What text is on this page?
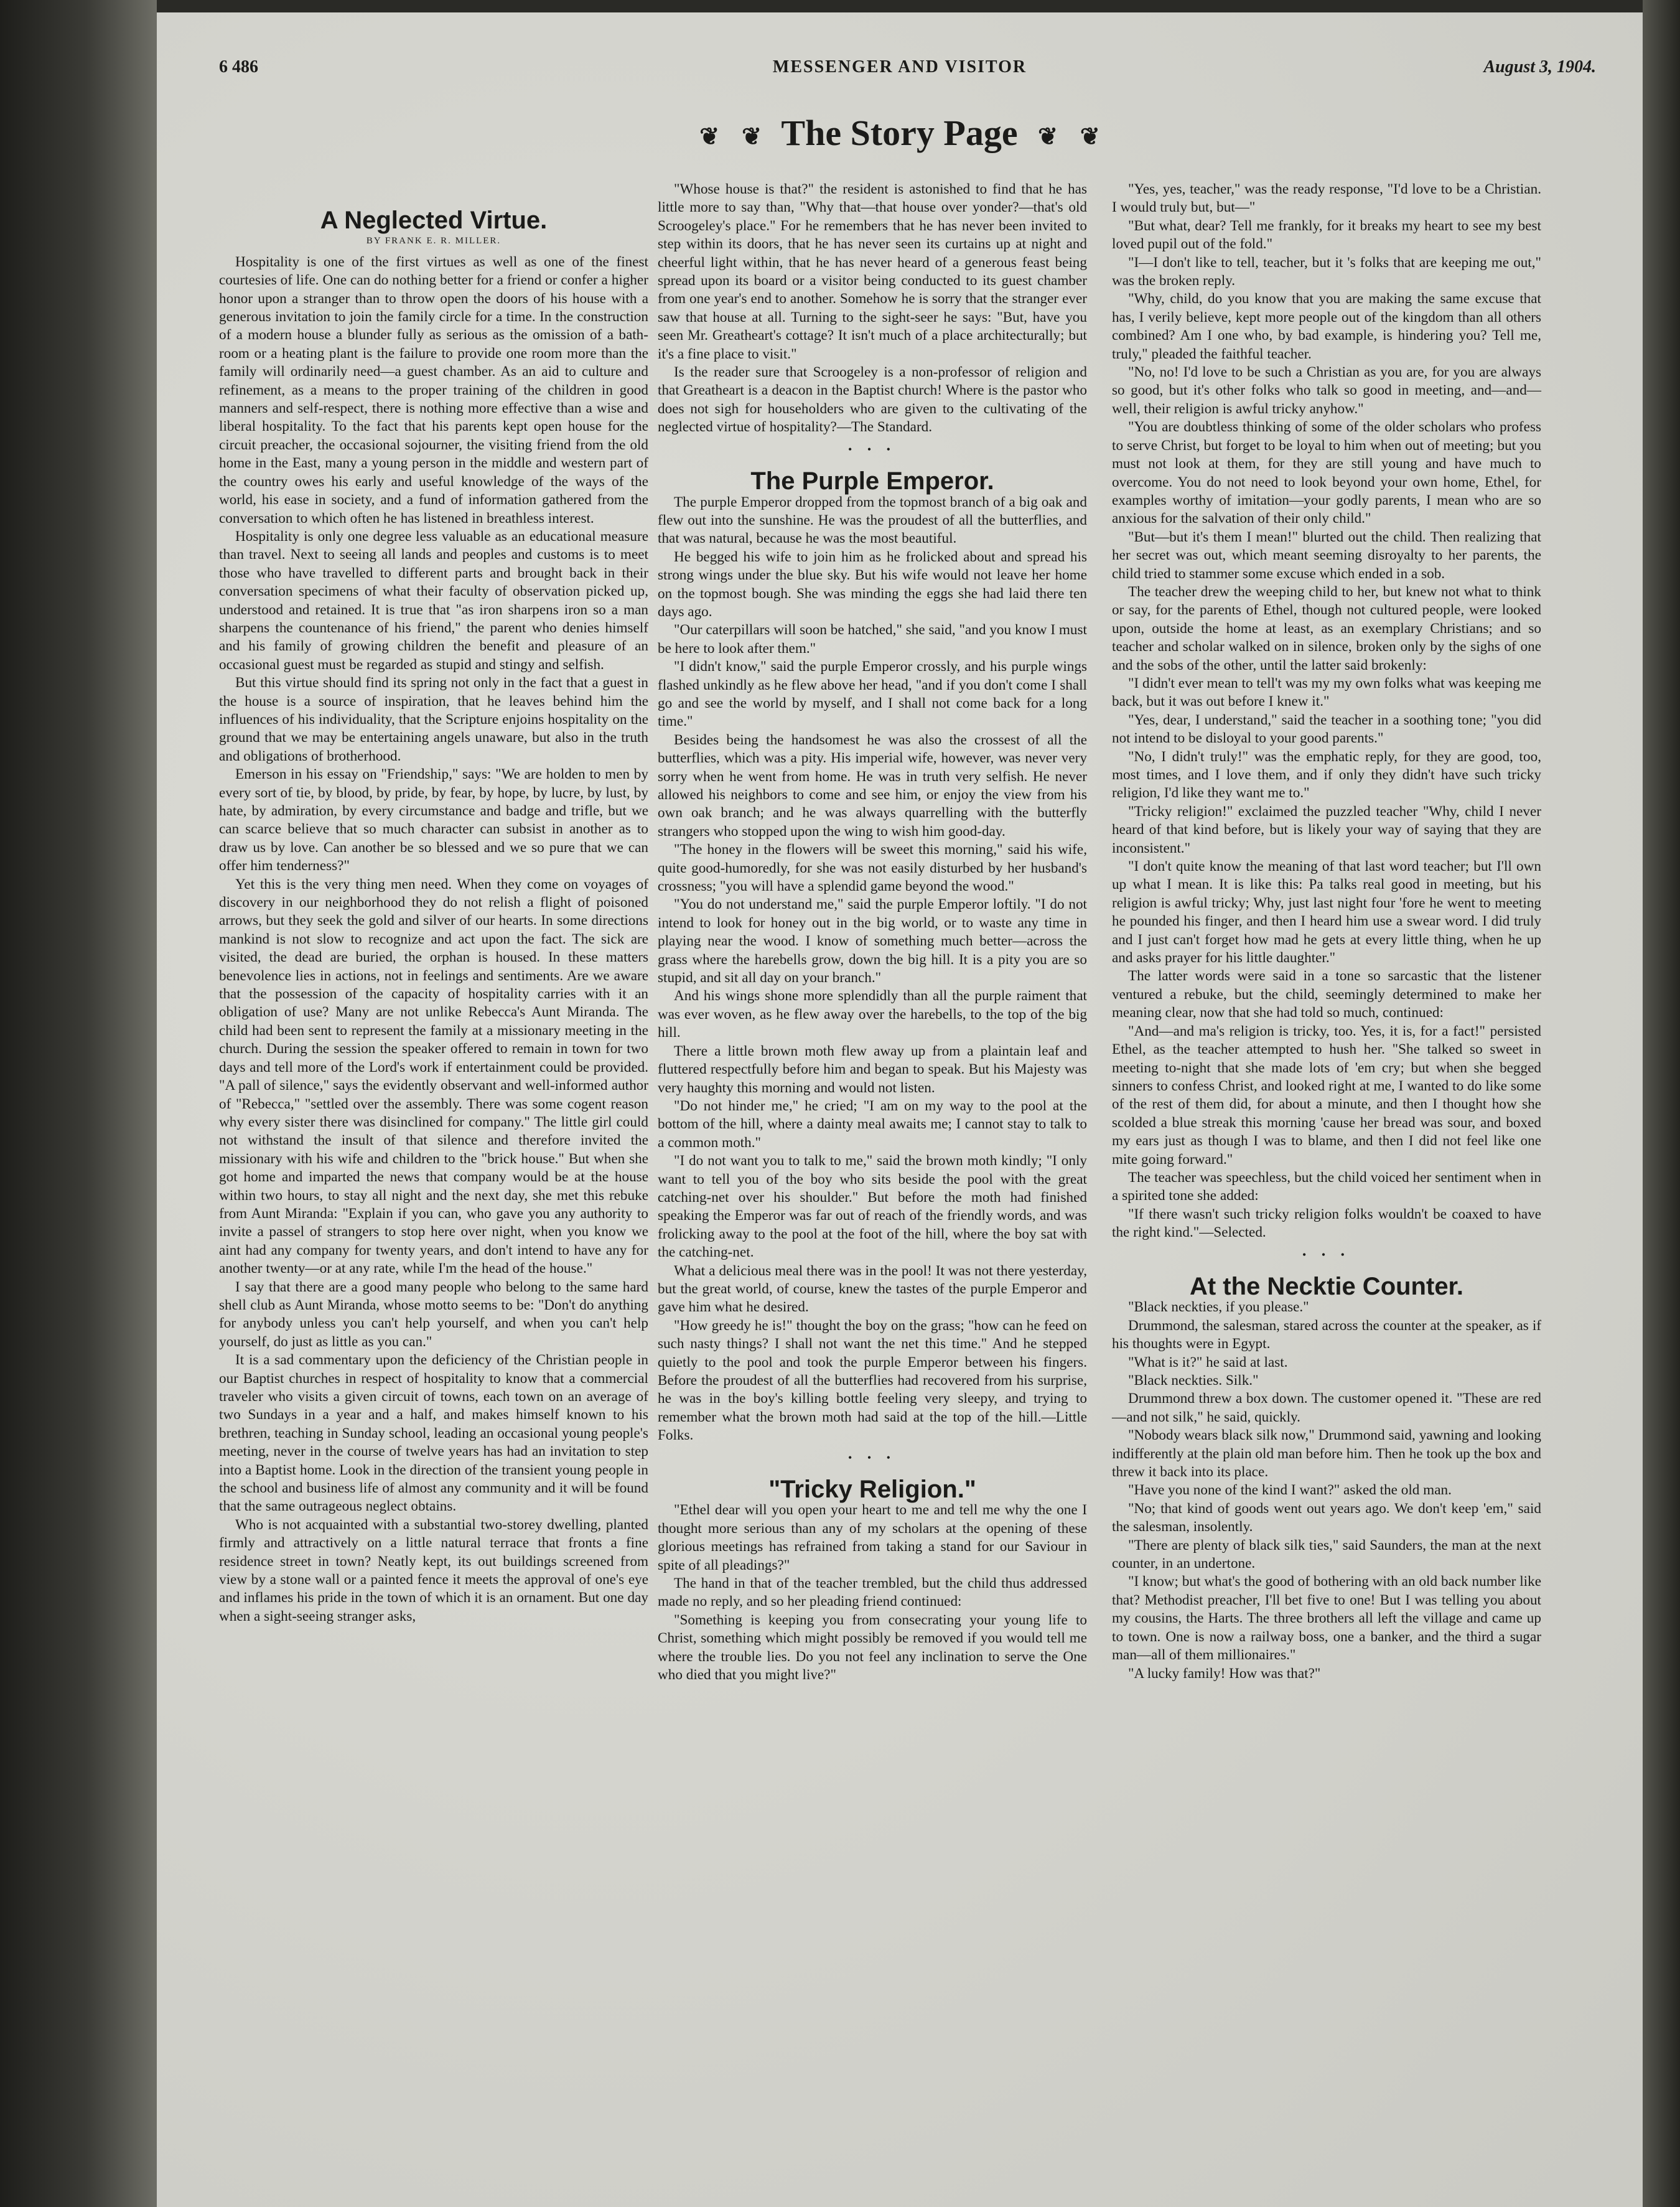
6 486	MESSENGER AND VISITOR	August 3, 1904.
❦ ❦ The Story Page ❦ ❦
A Neglected Virtue.
BY FRANK E. R. MILLER.

Hospitality is one of the first virtues as well as one of the finest courtesies of life. One can do nothing better for a friend or confer a higher honor upon a stranger than to throw open the doors of his house with a generous invitation to join the family circle for a time. In the construction of a modern house a blunder fully as serious as the omission of a bath-room or a heating plant is the failure to provide one room more than the family will ordinarily need—a guest chamber. As an aid to culture and refinement, as a means to the proper training of the children in good manners and self-respect, there is nothing more effective than a wise and liberal hospitality. To the fact that his parents kept open house for the circuit preacher, the occasional sojourner, the visiting friend from the old home in the East, many a young person in the middle and western part of the country owes his early and useful knowledge of the ways of the world, his ease in society, and a fund of information gathered from the conversation to which often he has listened in breathless interest.

Hospitality is only one degree less valuable as an educational measure than travel. Next to seeing all lands and peoples and customs is to meet those who have travelled to different parts and brought back in their conversation specimens of what their faculty of observation picked up, understood and retained. It is true that "as iron sharpens iron so a man sharpens the countenance of his friend," the parent who denies himself and his family of growing children the benefit and pleasure of an occasional guest must be regarded as stupid and stingy and selfish.

But this virtue should find its spring not only in the fact that a guest in the house is a source of inspiration, that he leaves behind him the influences of his individuality, that the Scripture enjoins hospitality on the ground that we may be entertaining angels unaware, but also in the truth and obligations of brotherhood.

Emerson in his essay on "Friendship," says: "We are holden to men by every sort of tie, by blood, by pride, by fear, by hope, by lucre, by lust, by hate, by admiration, by every circumstance and badge and trifle, but we can scarce believe that so much character can subsist in another as to draw us by love. Can another be so blessed and we so pure that we can offer him tenderness?"

Yet this is the very thing men need. When they come on voyages of discovery in our neighborhood they do not relish a flight of poisoned arrows, but they seek the gold and silver of our hearts. In some directions mankind is not slow to recognize and act upon the fact. The sick are visited, the dead are buried, the orphan is housed. In these matters benevolence lies in actions, not in feelings and sentiments. Are we aware that the possession of the capacity of hospitality carries with it an obligation of use? Many are not unlike Rebecca's Aunt Miranda. The child had been sent to represent the family at a missionary meeting in the church. During the session the speaker offered to remain in town for two days and tell more of the Lord's work if entertainment could be provided. "A pall of silence," says the evidently observant and well-informed author of "Rebecca," "settled over the assembly. There was some cogent reason why every sister there was disinclined for company." The little girl could not withstand the insult of that silence and therefore invited the missionary with his wife and children to the "brick house." But when she got home and imparted the news that company would be at the house within two hours, to stay all night and the next day, she met this rebuke from Aunt Miranda: "Explain if you can, who gave you any authority to invite a passel of strangers to stop here over night, when you know we aint had any company for twenty years, and don't intend to have any for another twenty—or at any rate, while I'm the head of the house."

I say that there are a good many people who belong to the same hard shell club as Aunt Miranda, whose motto seems to be: "Don't do anything for anybody unless you can't help yourself, and when you can't help yourself, do just as little as you can."

It is a sad commentary upon the deficiency of the Christian people in our Baptist churches in respect of hospitality to know that a commercial traveler who visits a given circuit of towns, each town on an average of two Sundays in a year and a half, and makes himself known to his brethren, teaching in Sunday school, leading an occasional young people's meeting, never in the course of twelve years has had an invitation to step into a Baptist home. Look in the direction of the transient young people in the school and business life of almost any community and it will be found that the same outrageous neglect obtains.

Who is not acquainted with a substantial two-storey dwelling, planted firmly and attractively on a little natural terrace that fronts a fine residence street in town? Neatly kept, its out buildings screened from view by a stone wall or a painted fence it meets the approval of one's eye and inflames his pride in the town of which it is an ornament. But one day when a sight-seeing stranger asks,

"Whose house is that?" the resident is astonished to find that he has little more to say than, "Why that—that house over yonder?—that's old Scroogeley's place." For he remembers that he has never been invited to step within its doors, that he has never seen its curtains up at night and cheerful light within, that he has never heard of a generous feast being spread upon its board or a visitor being conducted to its guest chamber from one year's end to another. Somehow he is sorry that the stranger ever saw that house at all. Turning to the sight-seer he says: "But, have you seen Mr. Greatheart's cottage? It isn't much of a place architecturally; but it's a fine place to visit."

Is the reader sure that Scroogeley is a non-professor of religion and that Greatheart is a deacon in the Baptist church! Where is the pastor who does not sigh for householders who are given to the cultivating of the neglected virtue of hospitality?—The Standard.

• • •
The Purple Emperor.

The purple Emperor dropped from the topmost branch of a big oak and flew out into the sunshine. He was the proudest of all the butterflies, and that was natural, because he was the most beautiful.

He begged his wife to join him as he frolicked about and spread his strong wings under the blue sky. But his wife would not leave her home on the topmost bough. She was minding the eggs she had laid there ten days ago.

"Our caterpillars will soon be hatched," she said, "and you know I must be here to look after them."

"I didn't know," said the purple Emperor crossly, and his purple wings flashed unkindly as he flew above her head, "and if you don't come I shall go and see the world by myself, and I shall not come back for a long time."

Besides being the handsomest he was also the crossest of all the butterflies, which was a pity. His imperial wife, however, was never very sorry when he went from home. He was in truth very selfish. He never allowed his neighbors to come and see him, or enjoy the view from his own oak branch; and he was always quarrelling with the butterfly strangers who stopped upon the wing to wish him good-day.

"The honey in the flowers will be sweet this morning," said his wife, quite good-humoredly, for she was not easily disturbed by her husband's crossness; "you will have a splendid game beyond the wood."

"You do not understand me," said the purple Emperor loftily. "I do not intend to look for honey out in the big world, or to waste any time in playing near the wood. I know of something much better—across the grass where the harebells grow, down the big hill. It is a pity you are so stupid, and sit all day on your branch."

And his wings shone more splendidly than all the purple raiment that was ever woven, as he flew away over the harebells, to the top of the big hill.

There a little brown moth flew away up from a plaintain leaf and fluttered respectfully before him and began to speak. But his Majesty was very haughty this morning and would not listen.

"Do not hinder me," he cried; "I am on my way to the pool at the bottom of the hill, where a dainty meal awaits me; I cannot stay to talk to a common moth."

"I do not want you to talk to me," said the brown moth kindly; "I only want to tell you of the boy who sits beside the pool with the great catching-net over his shoulder." But before the moth had finished speaking the Emperor was far out of reach of the friendly words, and was frolicking away to the pool at the foot of the hill, where the boy sat with the catching-net.

What a delicious meal there was in the pool! It was not there yesterday, but the great world, of course, knew the tastes of the purple Emperor and gave him what he desired.

"How greedy he is!" thought the boy on the grass; "how can he feed on such nasty things? I shall not want the net this time." And he stepped quietly to the pool and took the purple Emperor between his fingers. Before the proudest of all the butterflies had recovered from his surprise, he was in the boy's killing bottle feeling very sleepy, and trying to remember what the brown moth had said at the top of the hill.—Little Folks.

• • •
"Tricky Religion."

"Ethel dear will you open your heart to me and tell me why the one I thought more serious than any of my scholars at the opening of these glorious meetings has refrained from taking a stand for our Saviour in spite of all pleadings?"

The hand in that of the teacher trembled, but the child thus addressed made no reply, and so her pleading friend continued:

"Something is keeping you from consecrating your young life to Christ, something which might possibly be removed if you would tell me where the trouble lies. Do you not feel any inclination to serve the One who died that you might live?"

"Yes, yes, teacher," was the ready response, "I'd love to be a Christian. I would truly but, but—"

"But what, dear? Tell me frankly, for it breaks my heart to see my best loved pupil out of the fold."

"I—I don't like to tell, teacher, but it 's folks that are keeping me out," was the broken reply.

"Why, child, do you know that you are making the same excuse that has, I verily believe, kept more people out of the kingdom than all others combined? Am I one who, by bad example, is hindering you? Tell me, truly," pleaded the faithful teacher.

"No, no! I'd love to be such a Christian as you are, for you are always so good, but it's other folks who talk so good in meeting, and—and—well, their religion is awful tricky anyhow."

"You are doubtless thinking of some of the older scholars who profess to serve Christ, but forget to be loyal to him when out of meeting; but you must not look at them, for they are still young and have much to overcome. You do not need to look beyond your own home, Ethel, for examples worthy of imitation—your godly parents, I mean who are so anxious for the salvation of their only child."

"But—but it's them I mean!" blurted out the child. Then realizing that her secret was out, which meant seeming disroyalty to her parents, the child tried to stammer some excuse which ended in a sob.

The teacher drew the weeping child to her, but knew not what to think or say, for the parents of Ethel, though not cultured people, were looked upon, outside the home at least, as an exemplary Christians; and so teacher and scholar walked on in silence, broken only by the sighs of one and the sobs of the other, until the latter said brokenly:

"I didn't ever mean to tell't was my my own folks what was keeping me back, but it was out before I knew it."

"Yes, dear, I understand," said the teacher in a soothing tone; "you did not intend to be disloyal to your good parents."

"No, I didn't truly!" was the emphatic reply, for they are good, too, most times, and I love them, and if only they didn't have such tricky religion, I'd like they want me to."

"Tricky religion!" exclaimed the puzzled teacher "Why, child I never heard of that kind before, but is likely your way of saying that they are inconsistent."

"I don't quite know the meaning of that last word teacher; but I'll own up what I mean. It is like this: Pa talks real good in meeting, but his religion is awful tricky; Why, just last night four 'fore he went to meeting he pounded his finger, and then I heard him use a swear word. I did truly and I just can't forget how mad he gets at every little thing, when he up and asks prayer for his little daughter."

The latter words were said in a tone so sarcastic that the listener ventured a rebuke, but the child, seemingly determined to make her meaning clear, now that she had told so much, continued:

"And—and ma's religion is tricky, too. Yes, it is, for a fact!" persisted Ethel, as the teacher attempted to hush her. "She talked so sweet in meeting to-night that she made lots of 'em cry; but when she begged sinners to confess Christ, and looked right at me, I wanted to do like some of the rest of them did, for about a minute, and then I thought how she scolded a blue streak this morning 'cause her bread was sour, and boxed my ears just as though I was to blame, and then I did not feel like one mite going forward."

The teacher was speechless, but the child voiced her sentiment when in a spirited tone she added:

"If there wasn't such tricky religion folks wouldn't be coaxed to have the right kind."—Selected.

• • •
At the Necktie Counter.

"Black neckties, if you please."

Drummond, the salesman, stared across the counter at the speaker, as if his thoughts were in Egypt.

"What is it?" he said at last.

"Black neckties. Silk."

Drummond threw a box down. The customer opened it. "These are red—and not silk," he said, quickly.

"Nobody wears black silk now," Drummond said, yawning and looking indifferently at the plain old man before him. Then he took up the box and threw it back into its place.

"Have you none of the kind I want?" asked the old man.

"No; that kind of goods went out years ago. We don't keep 'em," said the salesman, insolently.

"There are plenty of black silk ties," said Saunders, the man at the next counter, in an undertone.

"I know; but what's the good of bothering with an old back number like that? Methodist preacher, I'll bet five to one! But I was telling you about my cousins, the Harts. The three brothers all left the village and came up to town. One is now a railway boss, one a banker, and the third a sugar man—all of them millionaires."

"A lucky family! How was that?"
